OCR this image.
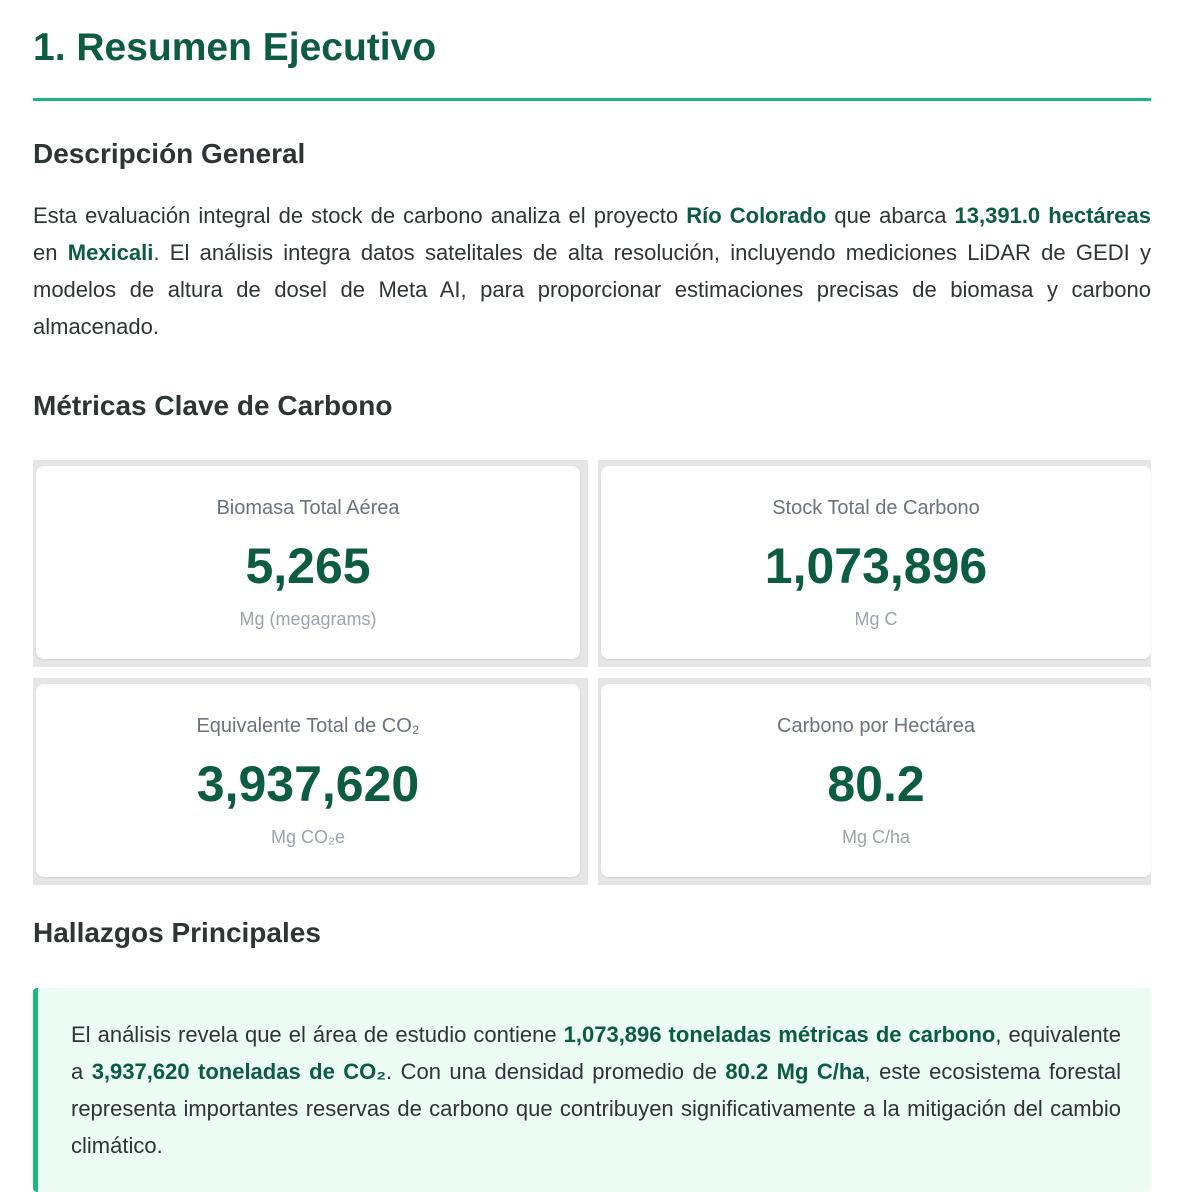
1. Resumen Ejecutivo
Descripción General

Esta evaluación integral de stock de carbono analiza el proyecto Río Colorado que abarca 13,391.0 hectáreas en Mexicali. El análisis integra datos satelitales de alta resolución, incluyendo mediciones LiDAR de GEDI y modelos de altura de dosel de Meta AI, para proporcionar estimaciones precisas de biomasa y carbono almacenado.

Métricas Clave de Carbono
Biomasa Total Aérea
5,265
Mg (megagrams)
Stock Total de Carbono
1,073,896
Mg C
Equivalente Total de CO₂
3,937,620
Mg CO₂e
Carbono por Hectárea
80.2
Mg C/ha
Hallazgos Principales

El análisis revela que el área de estudio contiene 1,073,896 toneladas métricas de carbono, equivalente a 3,937,620 toneladas de CO₂. Con una densidad promedio de 80.2 Mg C/ha, este ecosistema forestal representa importantes reservas de carbono que contribuyen significativamente a la mitigación del cambio climático.
